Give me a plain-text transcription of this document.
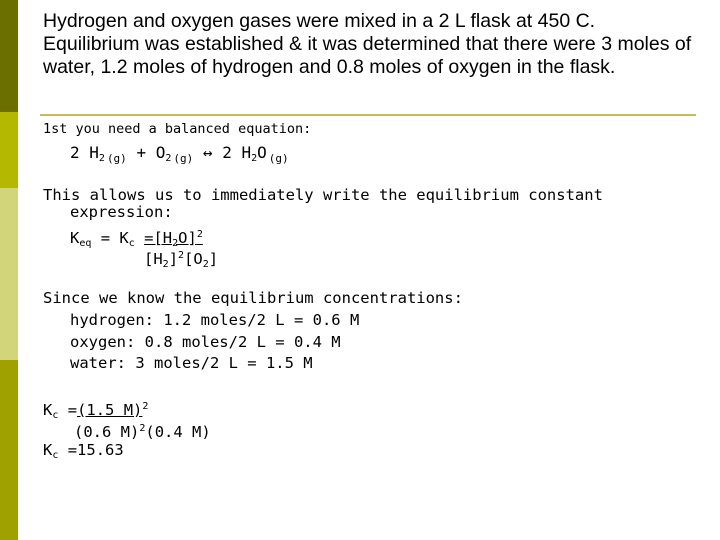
Hydrogen and oxygen gases were mixed in a 2 L flask at 450 C. Equilibrium was established & it was determined that there were 3 moles of water, 1.2 moles of hydrogen and 0.8 moles of oxygen in the flask.
1st you need a balanced equation:
2 $H_2$ $_{(g)} + O_2$ $_{(g)}$ ↔ 2 $H_2O$ $_{(g)}$
This allows us to immediately write the equilibrium constant
expression:
$K_{eq} = K_c =[H_2O]^2$
$[H_2]^2[O_2]$
Since we know the equilibrium concentrations:
hydrogen: 1.2 moles/2 L = 0.6 M
oxygen: 0.8 moles/2 L = 0.4 M
water: 3 moles/2 L = 1.5 M
$K_c =(1.5$ M)$^2$
(0.6 M)$^2$(0.4 M)
$K_c =15.63$
